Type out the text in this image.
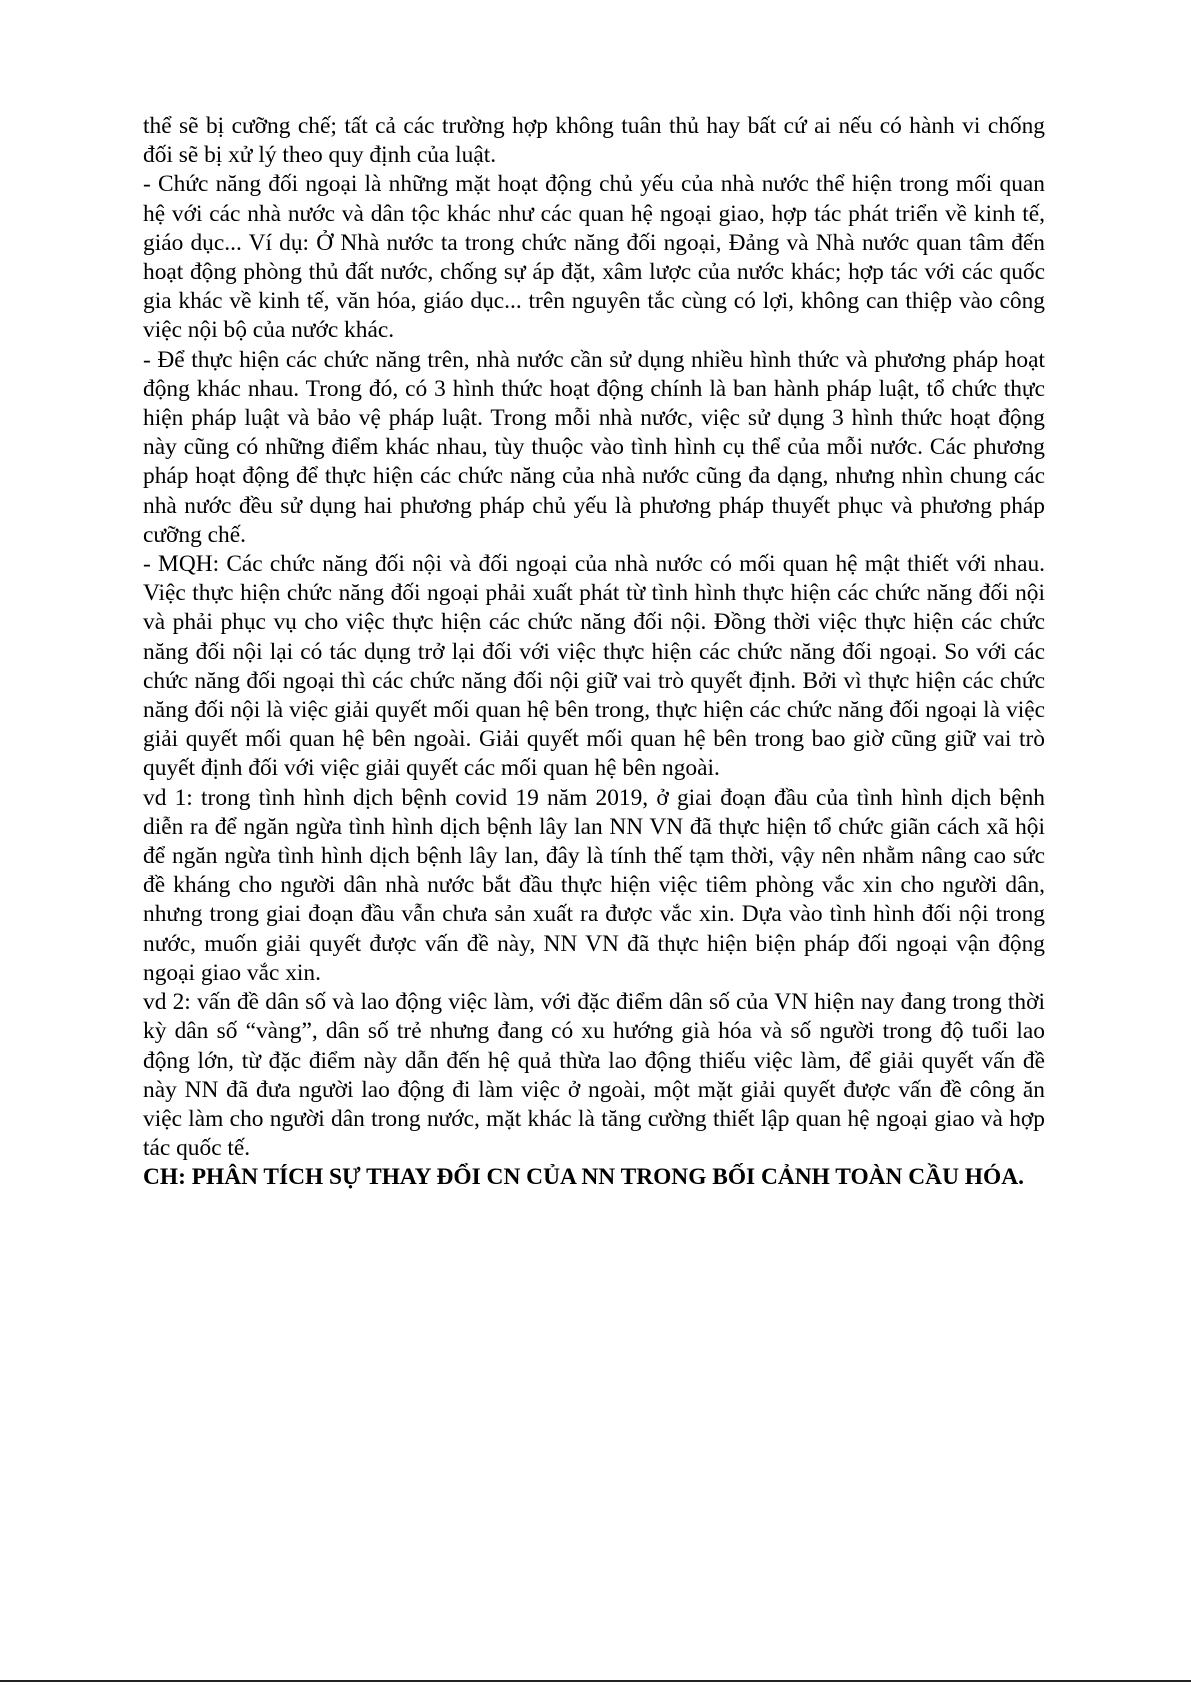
thể sẽ bị cưỡng chế; tất cả các trường hợp không tuân thủ hay bất cứ ai nếu có hành vi chống đối sẽ bị xử lý theo quy định của luật.

- Chức năng đối ngoại là những mặt hoạt động chủ yếu của nhà nước thể hiện trong mối quan hệ với các nhà nước và dân tộc khác như các quan hệ ngoại giao, hợp tác phát triển về kinh tế, giáo dục... Ví dụ: Ở Nhà nước ta trong chức năng đối ngoại, Đảng và Nhà nước quan tâm đến hoạt động phòng thủ đất nước, chống sự áp đặt, xâm lược của nước khác; hợp tác với các quốc gia khác về kinh tế, văn hóa, giáo dục... trên nguyên tắc cùng có lợi, không can thiệp vào công việc nội bộ của nước khác.

- Để thực hiện các chức năng trên, nhà nước cần sử dụng nhiều hình thức và phương pháp hoạt động khác nhau. Trong đó, có 3 hình thức hoạt động chính là ban hành pháp luật, tổ chức thực hiện pháp luật và bảo vệ pháp luật. Trong mỗi nhà nước, việc sử dụng 3 hình thức hoạt động này cũng có những điểm khác nhau, tùy thuộc vào tình hình cụ thể của mỗi nước. Các phương pháp hoạt động để thực hiện các chức năng của nhà nước cũng đa dạng, nhưng nhìn chung các nhà nước đều sử dụng hai phương pháp chủ yếu là phương pháp thuyết phục và phương pháp cưỡng chế.

- MQH: Các chức năng đối nội và đối ngoại của nhà nước có mối quan hệ mật thiết với nhau. Việc thực hiện chức năng đối ngoại phải xuất phát từ tình hình thực hiện các chức năng đối nội và phải phục vụ cho việc thực hiện các chức năng đối nội. Đồng thời việc thực hiện các chức năng đối nội lại có tác dụng trở lại đối với việc thực hiện các chức năng đối ngoại. So với các chức năng đối ngoại thì các chức năng đối nội giữ vai trò quyết định. Bởi vì thực hiện các chức năng đối nội là việc giải quyết mối quan hệ bên trong, thực hiện các chức năng đối ngoại là việc giải quyết mối quan hệ bên ngoài. Giải quyết mối quan hệ bên trong bao giờ cũng giữ vai trò quyết định đối với việc giải quyết các mối quan hệ bên ngoài.

vd 1: trong tình hình dịch bệnh covid 19 năm 2019, ở giai đoạn đầu của tình hình dịch bệnh diễn ra để ngăn ngừa tình hình dịch bệnh lây lan NN VN đã thực hiện tổ chức giãn cách xã hội để ngăn ngừa tình hình dịch bệnh lây lan, đây là tính thế tạm thời, vậy nên nhằm nâng cao sức đề kháng cho người dân nhà nước bắt đầu thực hiện việc tiêm phòng vắc xin cho người dân, nhưng trong giai đoạn đầu vẫn chưa sản xuất ra được vắc xin. Dựa vào tình hình đối nội trong nước, muốn giải quyết được vấn đề này, NN VN đã thực hiện biện pháp đối ngoại vận động ngoại giao vắc xin.

vd 2: vấn đề dân số và lao động việc làm, với đặc điểm dân số của VN hiện nay đang trong thời kỳ dân số “vàng”, dân số trẻ nhưng đang có xu hướng già hóa và số người trong độ tuổi lao động lớn, từ đặc điểm này dẫn đến hệ quả thừa lao động thiếu việc làm, để giải quyết vấn đề này NN đã đưa người lao động đi làm việc ở ngoài, một mặt giải quyết được vấn đề công ăn việc làm cho người dân trong nước, mặt khác là tăng cường thiết lập quan hệ ngoại giao và hợp tác quốc tế.

CH: PHÂN TÍCH SỰ THAY ĐỔI CN CỦA NN TRONG BỐI CẢNH TOÀN CẦU HÓA.
